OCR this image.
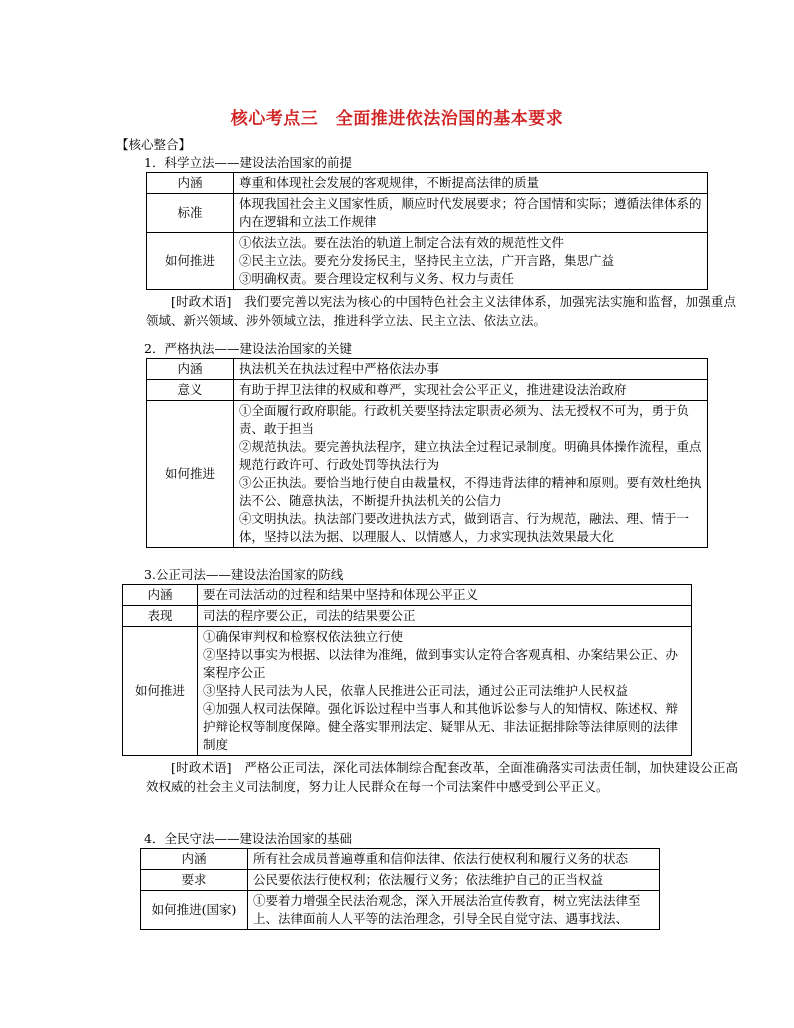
核心考点三　全面推进依法治国的基本要求
【核心整合】
1．科学立法——建设法治国家的前提
内涵	尊重和体现社会发展的客观规律，不断提高法律的质量

标准	体现我国社会主义国家性质，顺应时代发展要求；符合国情和实际；遵循法律体系的内在逻辑和立法工作规律

如何推进	①依法立法。要在法治的轨道上制定合法有效的规范性文件
②民主立法。要充分发扬民主，坚持民主立法，广开言路，集思广益
③明确权责。要合理设定权利与义务、权力与责任
[时政术语]　我们要完善以宪法为核心的中国特色社会主义法律体系，加强宪法实施和监督，加强重点领域、新兴领域、涉外领域立法，推进科学立法、民主立法、依法立法。
2．严格执法——建设法治国家的关键
内涵	执法机关在执法过程中严格依法办事

意义	有助于捍卫法律的权威和尊严，实现社会公平正义，推进建设法治政府

如何推进	①全面履行政府职能。行政机关要坚持法定职责必须为、法无授权不可为，勇于负责、敢于担当
②规范执法。要完善执法程序，建立执法全过程记录制度。明确具体操作流程，重点规范行政许可、行政处罚等执法行为
③公正执法。要恰当地行使自由裁量权，不得违背法律的精神和原则。要有效杜绝执法不公、随意执法，不断提升执法机关的公信力
④文明执法。执法部门要改进执法方式，做到语言、行为规范，融法、理、情于一体，坚持以法为据、以理服人、以情感人，力求实现执法效果最大化
3.公正司法——建设法治国家的防线
内涵	要在司法活动的过程和结果中坚持和体现公平正义

表现	司法的程序要公正，司法的结果要公正

如何推进	①确保审判权和检察权依法独立行使
②坚持以事实为根据、以法律为准绳，做到事实认定符合客观真相、办案结果公正、办案程序公正
③坚持人民司法为人民，依靠人民推进公正司法，通过公正司法维护人民权益
④加强人权司法保障。强化诉讼过程中当事人和其他诉讼参与人的知情权、陈述权、辩护辩论权等制度保障。健全落实罪刑法定、疑罪从无、非法证据排除等法律原则的法律制度
[时政术语]　严格公正司法，深化司法体制综合配套改革，全面准确落实司法责任制，加快建设公正高效权威的社会主义司法制度，努力让人民群众在每一个司法案件中感受到公平正义。
4．全民守法——建设法治国家的基础
内涵	所有社会成员普遍尊重和信仰法律、依法行使权利和履行义务的状态

要求	公民要依法行使权利；依法履行义务；依法维护自己的正当权益

如何推进(国家)	①要着力增强全民法治观念，深入开展法治宣传教育，树立宪法法律至上、法律面前人人平等的法治理念，引导全民自觉守法、遇事找法、
